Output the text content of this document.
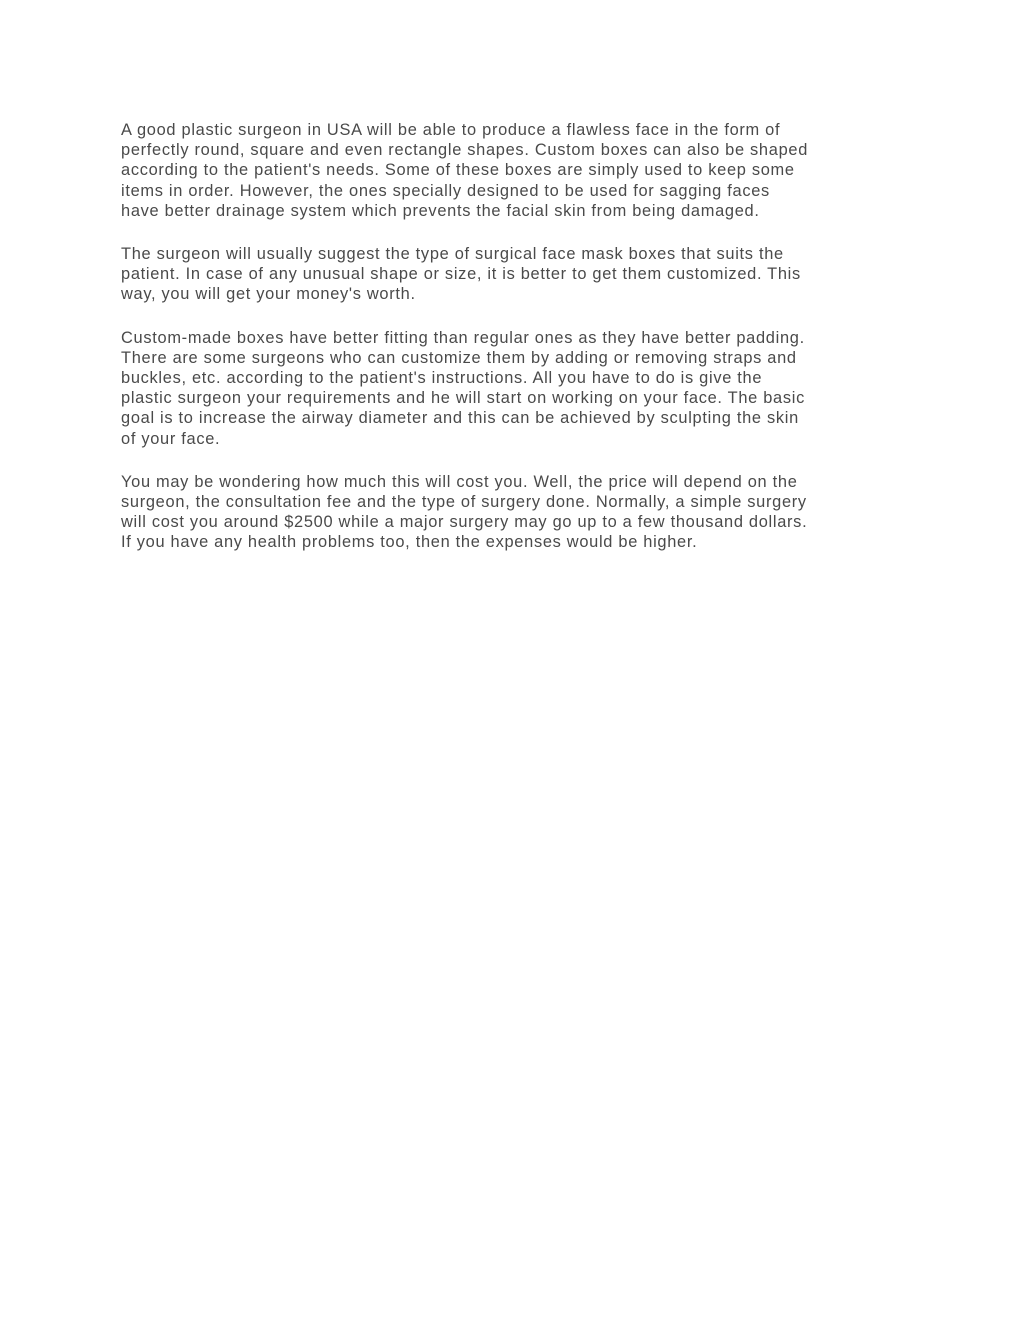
A good plastic surgeon in USA will be able to produce a flawless face in the form of
perfectly round, square and even rectangle shapes. Custom boxes can also be shaped
according to the patient's needs. Some of these boxes are simply used to keep some
items in order. However, the ones specially designed to be used for sagging faces
have better drainage system which prevents the facial skin from being damaged.

The surgeon will usually suggest the type of surgical face mask boxes that suits the
patient. In case of any unusual shape or size, it is better to get them customized. This
way, you will get your money's worth.

Custom-made boxes have better fitting than regular ones as they have better padding.
There are some surgeons who can customize them by adding or removing straps and
buckles, etc. according to the patient's instructions. All you have to do is give the
plastic surgeon your requirements and he will start on working on your face. The basic
goal is to increase the airway diameter and this can be achieved by sculpting the skin
of your face.

You may be wondering how much this will cost you. Well, the price will depend on the
surgeon, the consultation fee and the type of surgery done. Normally, a simple surgery
will cost you around $2500 while a major surgery may go up to a few thousand dollars.
If you have any health problems too, then the expenses would be higher.
